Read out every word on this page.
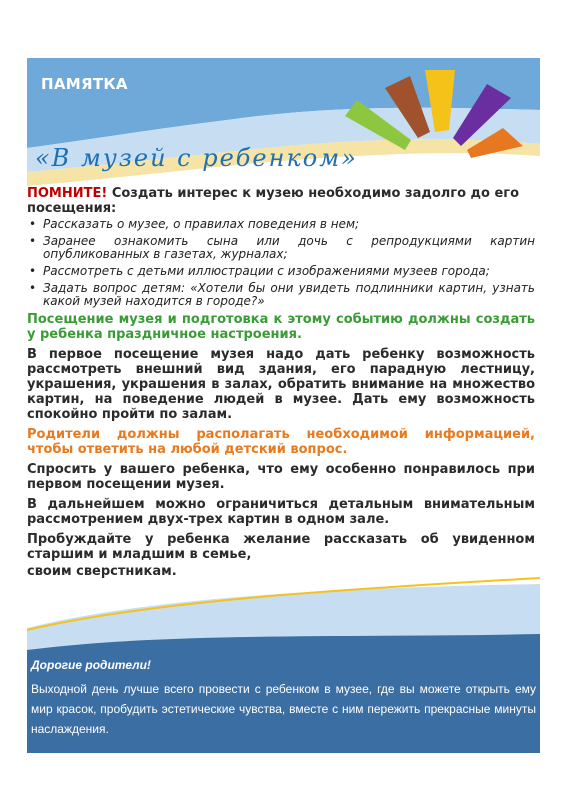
ПАМЯТКА
«В музей с ребенком»

ПОМНИТЕ! Создать интерес к музею необходимо задолго до его посещения:

• Рассказать о музее, о правилах поведения в нем;
• Заранее ознакомить сына или дочь с репродукциями картин опубликованных в газетах, журналах;
• Рассмотреть с детьми иллюстрации с изображениями музеев города;
• Задать вопрос детям: «Хотели бы они увидеть подлинники картин, узнать какой музей находится в городе?»

Посещение музея и подготовка к этому событию должны создать у ребенка праздничное настроения.

В первое посещение музея надо дать ребенку возможность рассмотреть внешний вид здания, его парадную лестницу, украшения, украшения в залах, обратить внимание на множество картин, на поведение людей в музее. Дать ему возможность спокойно пройти по залам.

Родители должны располагать необходимой информацией, чтобы ответить на любой детский вопрос.

Спросить у вашего ребенка, что ему особенно понравилось при первом посещении музея.

В дальнейшем можно ограничиться детальным внимательным рассмотрением двух-трех картин в одном зале.

Пробуждайте у ребенка желание рассказать об увиденном старшим и младшим в семье,

своим сверстникам.

Дорогие родители!
Выходной день лучше всего провести с ребенком в музее, где вы можете открыть ему мир красок, пробудить эстетические чувства, вместе с ним пережить прекрасные минуты наслаждения.
